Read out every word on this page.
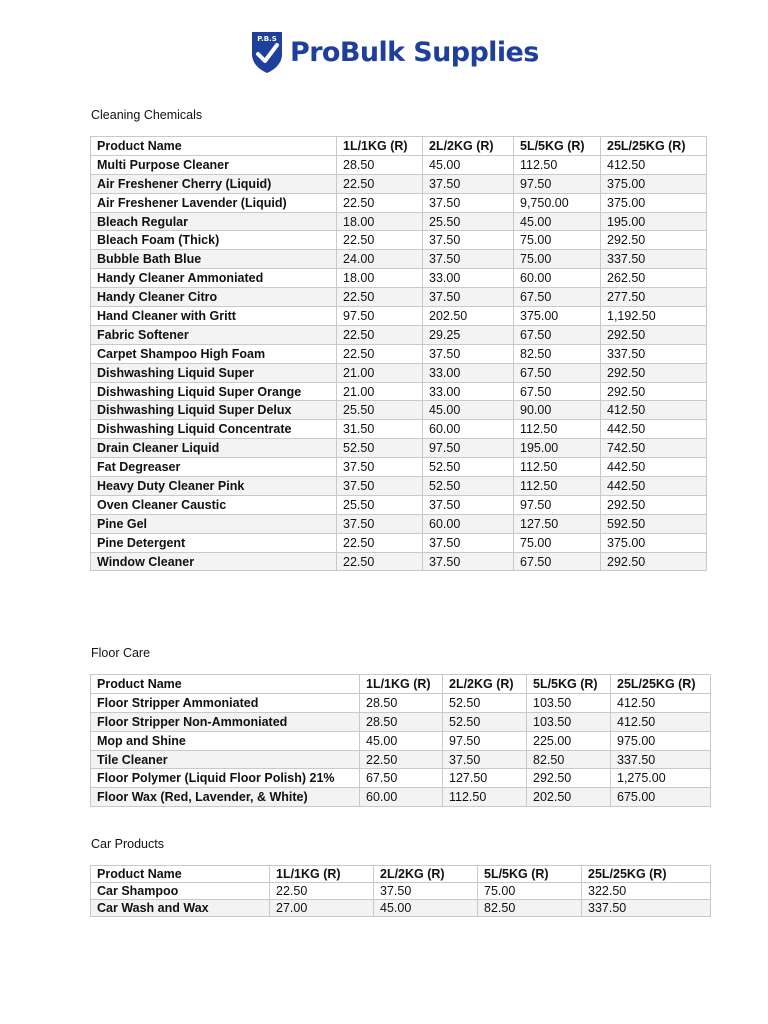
P.B.S ProBulk Supplies
Cleaning Chemicals
Product Name	1L/1KG (R)	2L/2KG (R)	5L/5KG (R)	25L/25KG (R)
Multi Purpose Cleaner	28.50	45.00	112.50	412.50
Air Freshener Cherry (Liquid)	22.50	37.50	97.50	375.00
Air Freshener Lavender (Liquid)	22.50	37.50	9,750.00	375.00
Bleach Regular	18.00	25.50	45.00	195.00
Bleach Foam (Thick)	22.50	37.50	75.00	292.50
Bubble Bath Blue	24.00	37.50	75.00	337.50
Handy Cleaner Ammoniated	18.00	33.00	60.00	262.50
Handy Cleaner Citro	22.50	37.50	67.50	277.50
Hand Cleaner with Gritt	97.50	202.50	375.00	1,192.50
Fabric Softener	22.50	29.25	67.50	292.50
Carpet Shampoo High Foam	22.50	37.50	82.50	337.50
Dishwashing Liquid Super	21.00	33.00	67.50	292.50
Dishwashing Liquid Super Orange	21.00	33.00	67.50	292.50
Dishwashing Liquid Super Delux	25.50	45.00	90.00	412.50
Dishwashing Liquid Concentrate	31.50	60.00	112.50	442.50
Drain Cleaner Liquid	52.50	97.50	195.00	742.50
Fat Degreaser	37.50	52.50	112.50	442.50
Heavy Duty Cleaner Pink	37.50	52.50	112.50	442.50
Oven Cleaner Caustic	25.50	37.50	97.50	292.50
Pine Gel	37.50	60.00	127.50	592.50
Pine Detergent	22.50	37.50	75.00	375.00
Window Cleaner	22.50	37.50	67.50	292.50
Floor Care
Product Name	1L/1KG (R)	2L/2KG (R)	5L/5KG (R)	25L/25KG (R)
Floor Stripper Ammoniated	28.50	52.50	103.50	412.50
Floor Stripper Non-Ammoniated	28.50	52.50	103.50	412.50
Mop and Shine	45.00	97.50	225.00	975.00
Tile Cleaner	22.50	37.50	82.50	337.50
Floor Polymer (Liquid Floor Polish) 21%	67.50	127.50	292.50	1,275.00
Floor Wax (Red, Lavender, & White)	60.00	112.50	202.50	675.00
Car Products
Product Name	1L/1KG (R)	2L/2KG (R)	5L/5KG (R)	25L/25KG (R)
Car Shampoo	22.50	37.50	75.00	322.50
Car Wash and Wax	27.00	45.00	82.50	337.50
